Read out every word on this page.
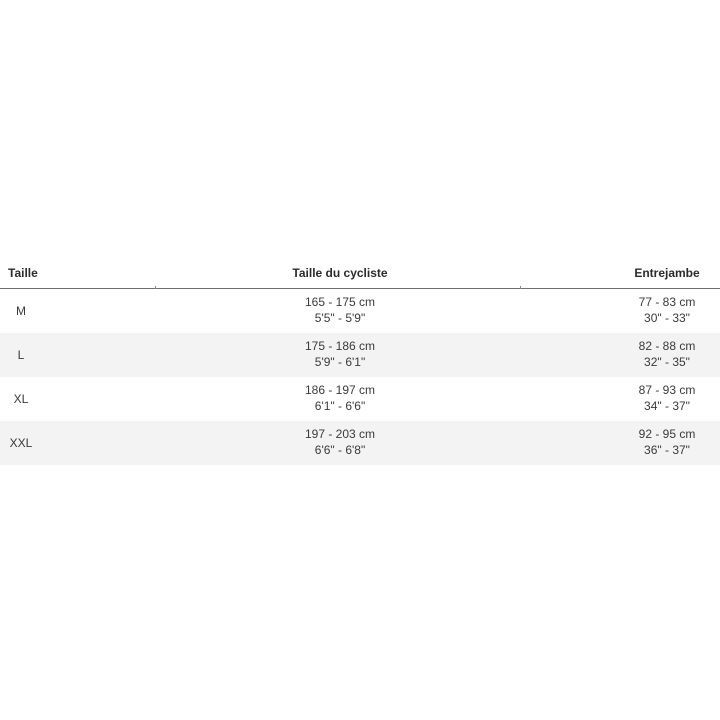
Taille	Taille du cycliste	Entrejambe
M
165 - 175 cm
5'5" - 5'9"
77 - 83 cm
30" - 33"
L
175 - 186 cm
5'9" - 6'1"
82 - 88 cm
32" - 35"
XL
186 - 197 cm
6'1" - 6'6"
87 - 93 cm
34" - 37"
XXL
197 - 203 cm
6'6" - 6'8"
92 - 95 cm
36" - 37"
